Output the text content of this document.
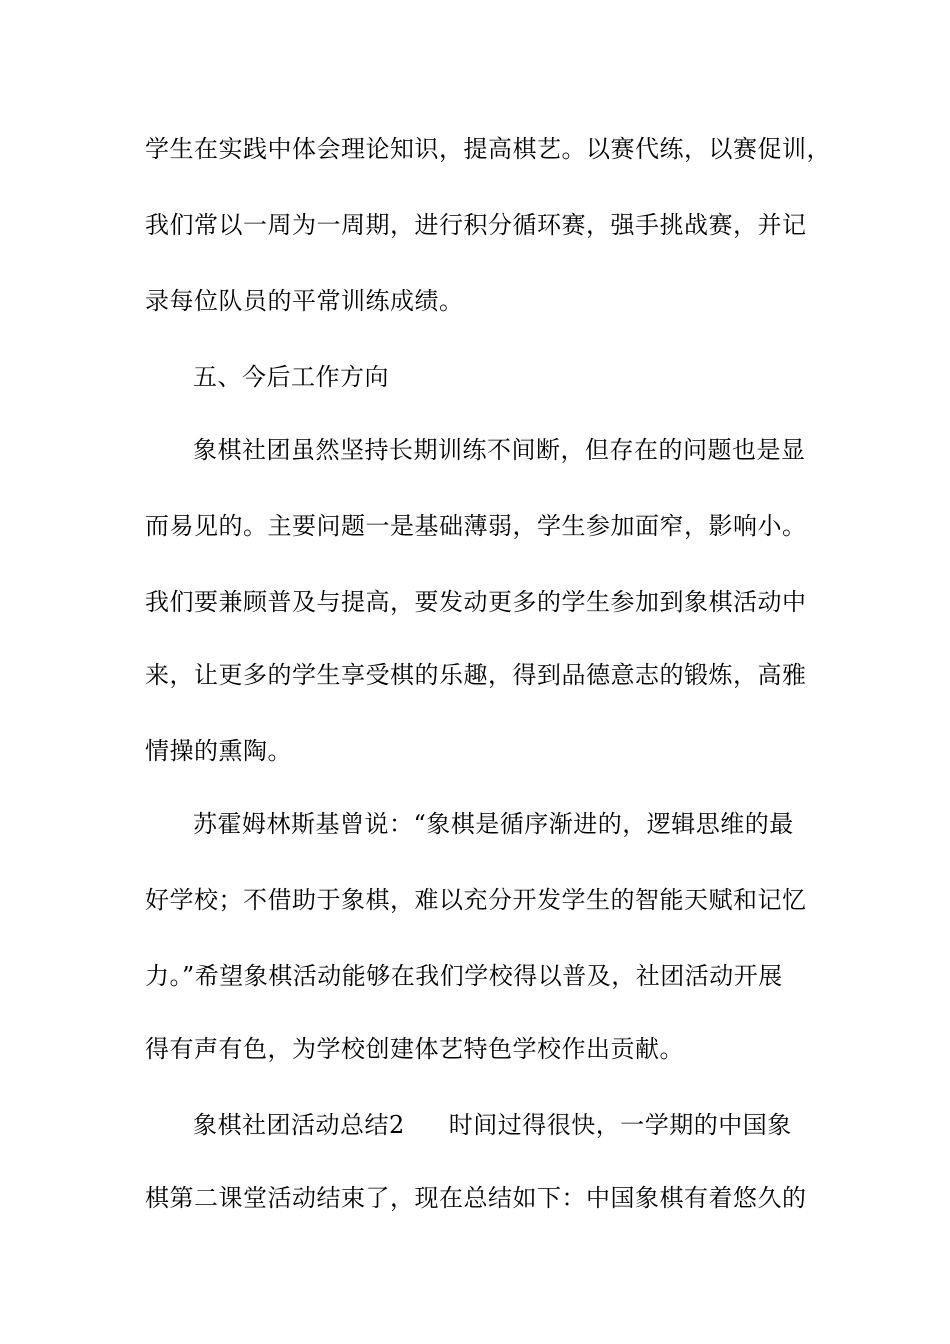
学生在实践中体会理论知识，提高棋艺。以赛代练，以赛促训，
我们常以一周为一周期，进行积分循环赛，强手挑战赛，并记
录每位队员的平常训练成绩。
五、今后工作方向
象棋社团虽然坚持长期训练不间断，但存在的问题也是显
而易见的。主要问题一是基础薄弱，学生参加面窄，影响小。
我们要兼顾普及与提高，要发动更多的学生参加到象棋活动中
来，让更多的学生享受棋的乐趣，得到品德意志的锻炼，高雅
情操的熏陶。
苏霍姆林斯基曾说：“象棋是循序渐进的，逻辑思维的最
好学校；不借助于象棋，难以充分开发学生的智能天赋和记忆
力。”希望象棋活动能够在我们学校得以普及，社团活动开展
得有声有色，为学校创建体艺特色学校作出贡献。
象棋社团活动总结2 时间过得很快，一学期的中国象
棋第二课堂活动结束了，现在总结如下：中国象棋有着悠久的
